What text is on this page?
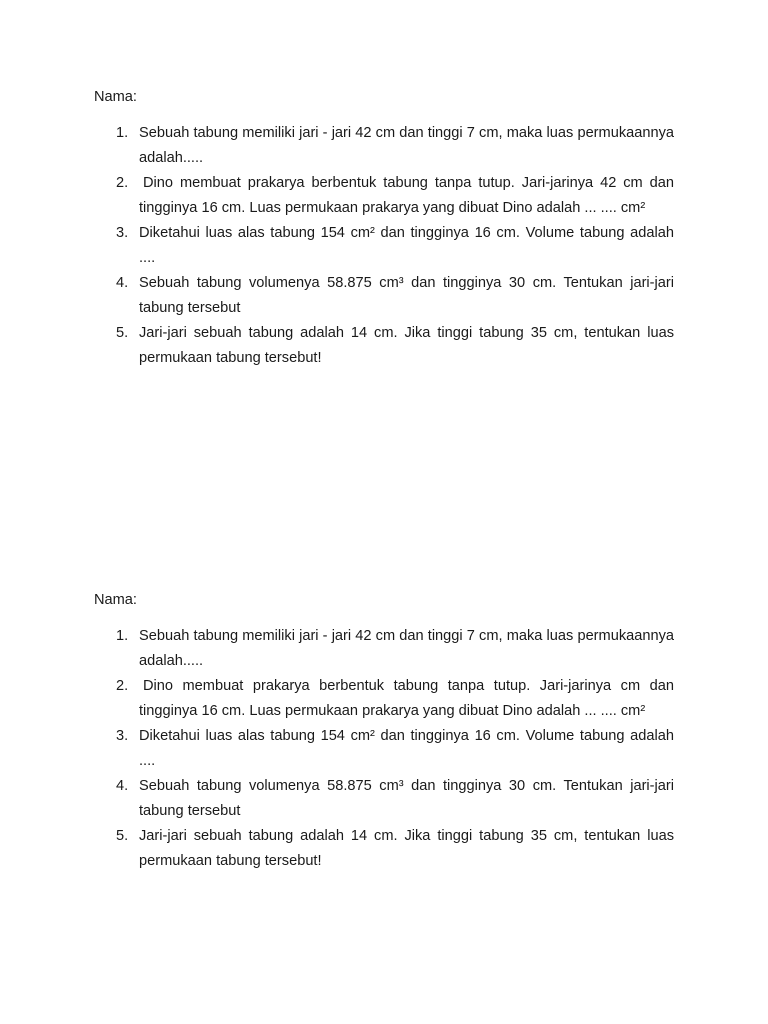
Nama:
1. Sebuah tabung memiliki jari - jari 42 cm dan tinggi 7 cm, maka luas permukaannya adalah.....
2. Dino membuat prakarya berbentuk tabung tanpa tutup. Jari-jarinya 42 cm dan tingginya 16 cm. Luas permukaan prakarya yang dibuat Dino adalah ... .... cm²
3. Diketahui luas alas tabung 154 cm² dan tingginya 16 cm. Volume tabung adalah ....
4. Sebuah tabung volumenya 58.875 cm³ dan tingginya 30 cm. Tentukan jari-jari tabung tersebut
5. Jari-jari sebuah tabung adalah 14 cm. Jika tinggi tabung 35 cm, tentukan luas permukaan tabung tersebut!
Nama:
1. Sebuah tabung memiliki jari - jari 42 cm dan tinggi 7 cm, maka luas permukaannya adalah.....
2. Dino membuat prakarya berbentuk tabung tanpa tutup. Jari-jarinya cm dan tingginya 16 cm. Luas permukaan prakarya yang dibuat Dino adalah ... .... cm²
3. Diketahui luas alas tabung 154 cm² dan tingginya 16 cm. Volume tabung adalah ....
4. Sebuah tabung volumenya 58.875 cm³ dan tingginya 30 cm. Tentukan jari-jari tabung tersebut
5. Jari-jari sebuah tabung adalah 14 cm. Jika tinggi tabung 35 cm, tentukan luas permukaan tabung tersebut!
